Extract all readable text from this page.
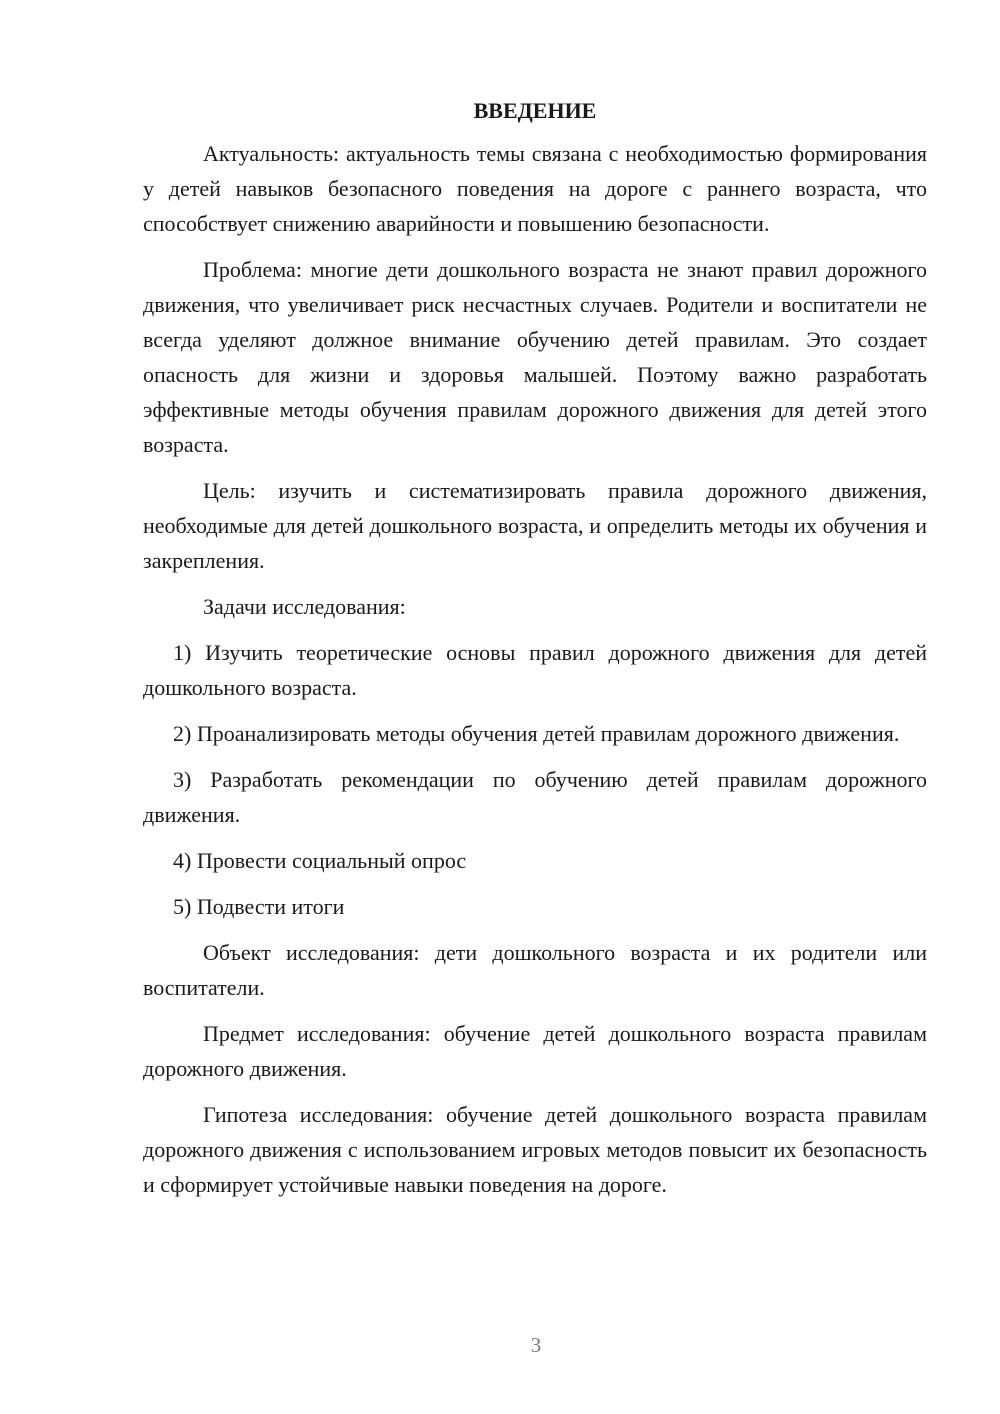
ВВЕДЕНИЕ

Актуальность: актуальность темы связана с необходимостью формирования у детей навыков безопасного поведения на дороге с раннего возраста, что способствует снижению аварийности и повышению безопасности.

Проблема: многие дети дошкольного возраста не знают правил дорожного движения, что увеличивает риск несчастных случаев. Родители и воспитатели не всегда уделяют должное внимание обучению детей правилам. Это создает опасность для жизни и здоровья малышей. Поэтому важно разработать эффективные методы обучения правилам дорожного движения для детей этого возраста.

Цель: изучить и систематизировать правила дорожного движения, необходимые для детей дошкольного возраста, и определить методы их обучения и закрепления.

Задачи исследования:

1) Изучить теоретические основы правил дорожного движения для детей дошкольного возраста.

2) Проанализировать методы обучения детей правилам дорожного движения.

3) Разработать рекомендации по обучению детей правилам дорожного движения.

4) Провести социальный опрос

5) Подвести итоги

Объект исследования: дети дошкольного возраста и их родители или воспитатели.

Предмет исследования: обучение детей дошкольного возраста правилам дорожного движения.

Гипотеза исследования: обучение детей дошкольного возраста правилам дорожного движения с использованием игровых методов повысит их безопасность и сформирует устойчивые навыки поведения на дороге.

3
